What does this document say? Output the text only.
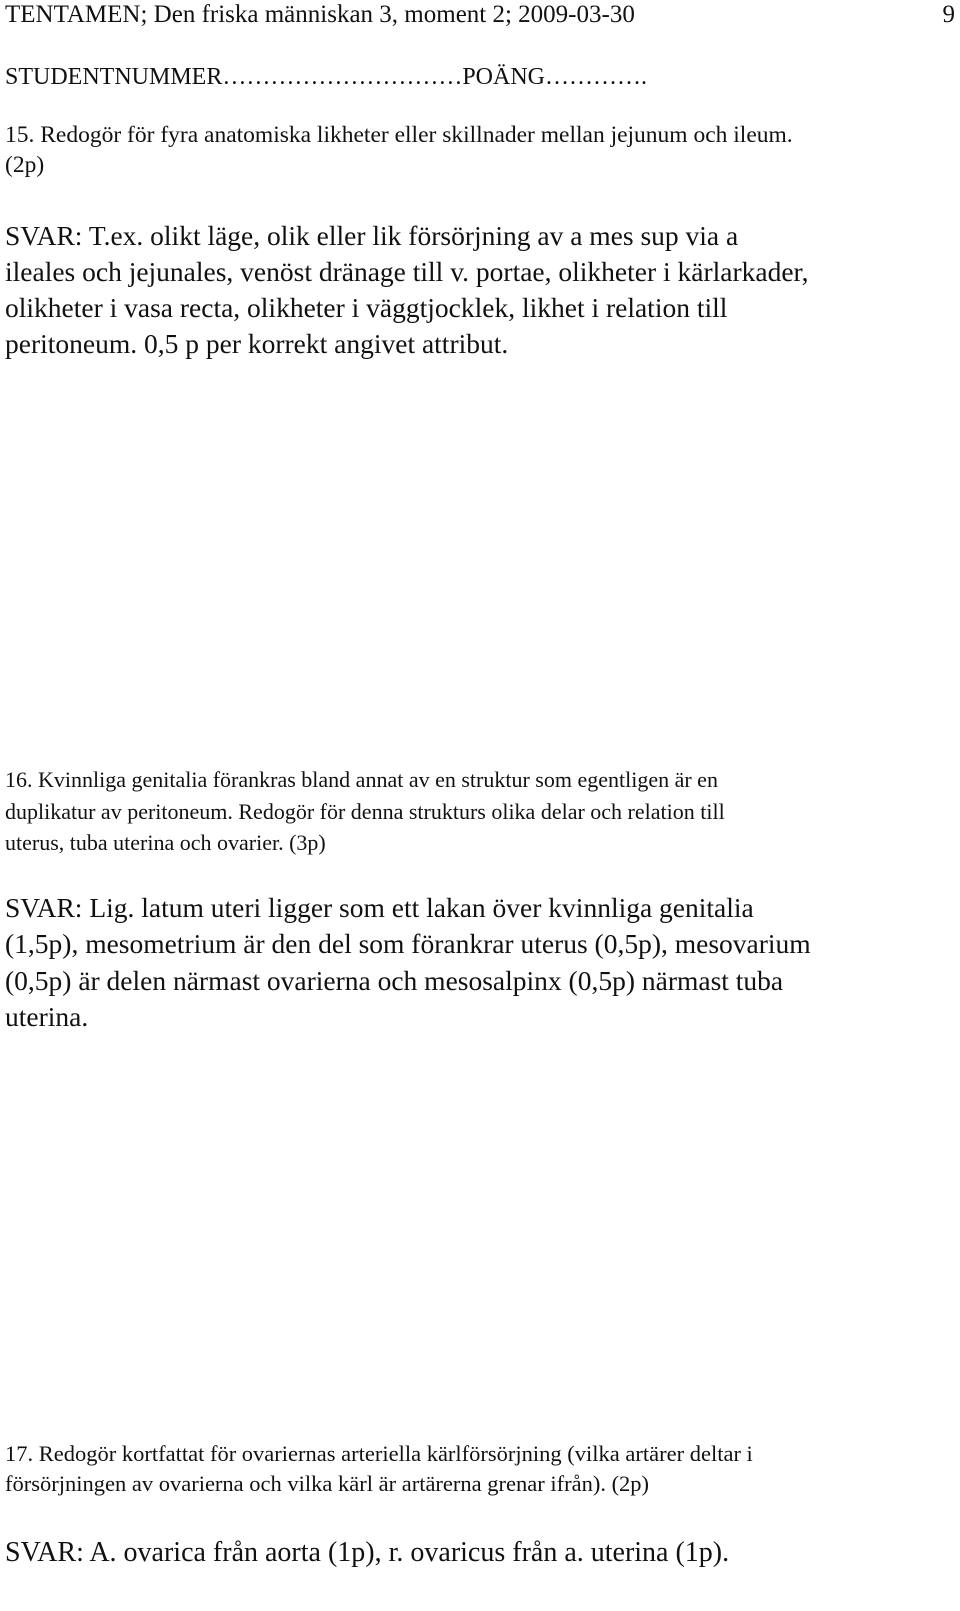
TENTAMEN; Den friska människan 3, moment 2; 2009-03-30	9
STUDENTNUMMER…………………………POÄNG………….
15. Redogör för fyra anatomiska likheter eller skillnader mellan jejunum och ileum.
(2p)
SVAR: T.ex. olikt läge, olik eller lik försörjning av a mes sup via a
ileales och jejunales, venöst dränage till v. portae, olikheter i kärlarkader,
olikheter i vasa recta, olikheter i väggtjocklek, likhet i relation till
peritoneum. 0,5 p per korrekt angivet attribut.
16. Kvinnliga genitalia förankras bland annat av en struktur som egentligen är en
duplikatur av peritoneum. Redogör för denna strukturs olika delar och relation till
uterus, tuba uterina och ovarier. (3p)
SVAR: Lig. latum uteri ligger som ett lakan över kvinnliga genitalia
(1,5p), mesometrium är den del som förankrar uterus (0,5p), mesovarium
(0,5p) är delen närmast ovarierna och mesosalpinx (0,5p) närmast tuba
uterina.
17. Redogör kortfattat för ovariernas arteriella kärlförsörjning (vilka artärer deltar i
försörjningen av ovarierna och vilka kärl är artärerna grenar ifrån). (2p)
SVAR: A. ovarica från aorta (1p), r. ovaricus från a. uterina (1p).
